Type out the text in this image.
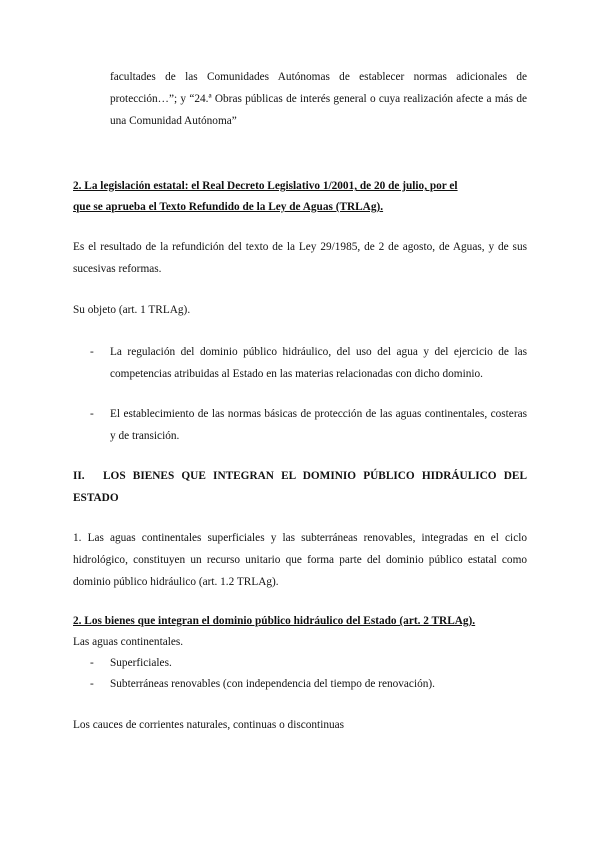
facultades de las Comunidades Autónomas de establecer normas adicionales de protección…”; y “24.ª Obras públicas de interés general o cuya realización afecte a más de una Comunidad Autónoma”

2. La legislación estatal: el Real Decreto Legislativo 1/2001, de 20 de julio, por el

que se aprueba el Texto Refundido de la Ley de Aguas (TRLAg).

Es el resultado de la refundición del texto de la Ley 29/1985, de 2 de agosto, de Aguas, y de sus sucesivas reformas.

Su objeto (art. 1 TRLAg).

- La regulación del dominio público hidráulico, del uso del agua y del ejercicio de las competencias atribuidas al Estado en las materias relacionadas con dicho dominio.

- El establecimiento de las normas básicas de protección de las aguas continentales, costeras y de transición.

II.	LOS BIENES QUE INTEGRAN EL DOMINIO PÚBLICO HIDRÁULICO DEL ESTADO

1. Las aguas continentales superficiales y las subterráneas renovables, integradas en el ciclo hidrológico, constituyen un recurso unitario que forma parte del dominio público estatal como dominio público hidráulico (art. 1.2 TRLAg).

2. Los bienes que integran el dominio público hidráulico del Estado (art. 2 TRLAg).

Las aguas continentales.

- Superficiales.

- Subterráneas renovables (con independencia del tiempo de renovación).

Los cauces de corrientes naturales, continuas o discontinuas
